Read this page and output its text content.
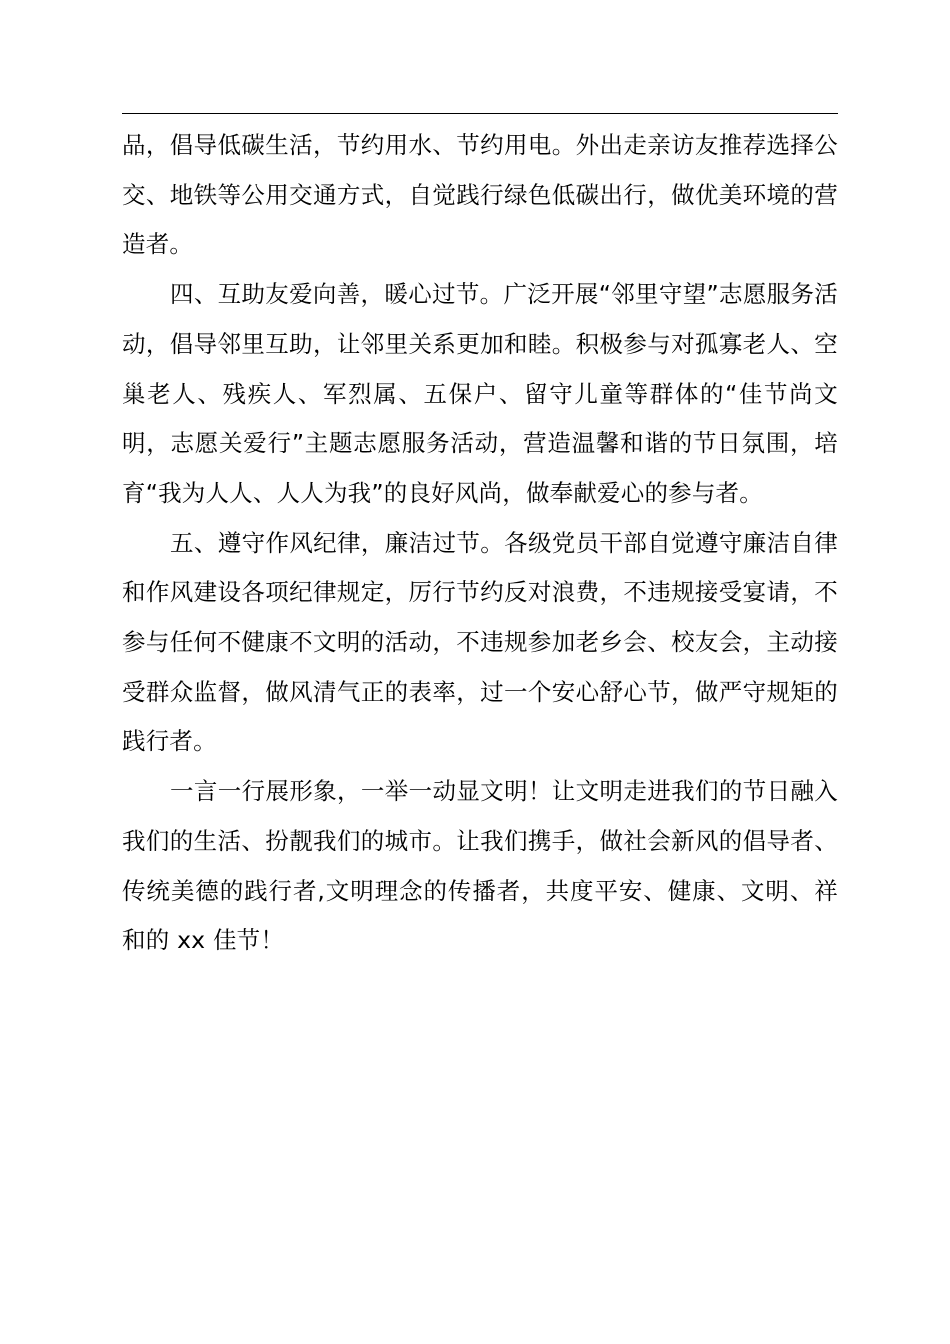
品，倡导低碳生活，节约用水、节约用电。外出走亲访友推荐选择公交、地铁等公用交通方式，自觉践行绿色低碳出行，做优美环境的营造者。

四、互助友爱向善，暖心过节。广泛开展“邻里守望”志愿服务活动，倡导邻里互助，让邻里关系更加和睦。积极参与对孤寡老人、空巢老人、残疾人、军烈属、五保户、留守儿童等群体的“佳节尚文明，志愿关爱行”主题志愿服务活动，营造温馨和谐的节日氛围，培育“我为人人、人人为我”的良好风尚，做奉献爱心的参与者。

五、遵守作风纪律，廉洁过节。各级党员干部自觉遵守廉洁自律和作风建设各项纪律规定，厉行节约反对浪费，不违规接受宴请，不参与任何不健康不文明的活动，不违规参加老乡会、校友会，主动接受群众监督，做风清气正的表率，过一个安心舒心节，做严守规矩的践行者。

一言一行展形象，一举一动显文明！让文明走进我们的节日融入我们的生活、扮靓我们的城市。让我们携手，做社会新风的倡导者、传统美德的践行者,文明理念的传播者，共度平安、健康、文明、祥和的 xx 佳节！
